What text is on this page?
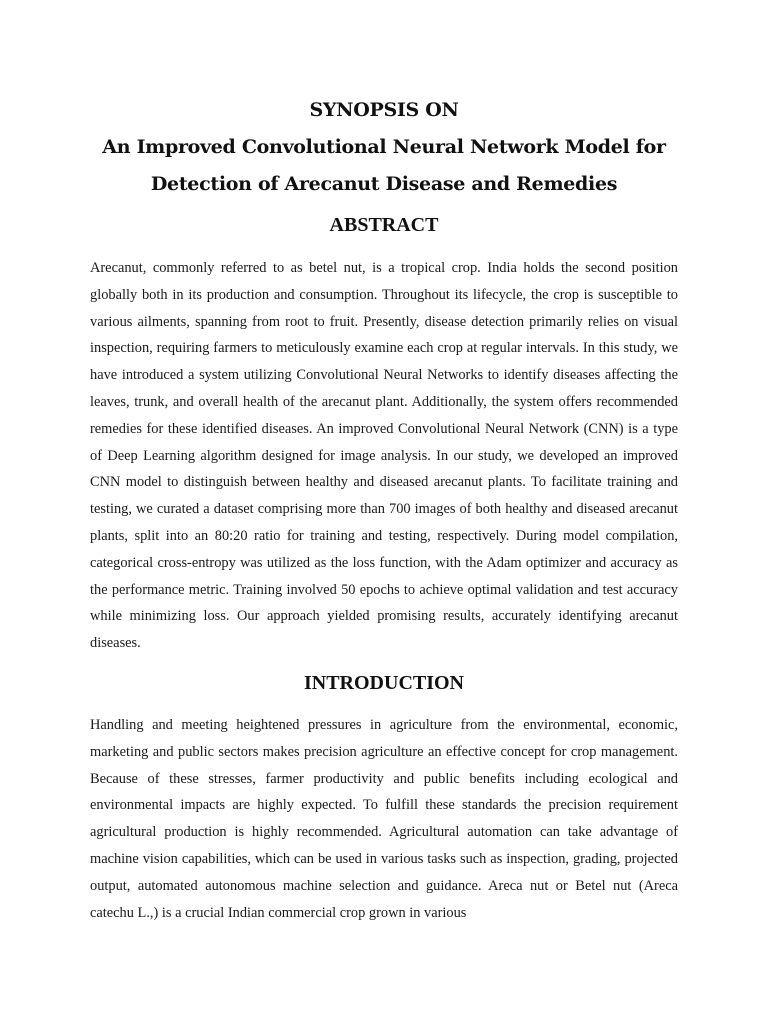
SYNOPSIS ON
An Improved Convolutional Neural Network Model for
Detection of Arecanut Disease and Remedies
ABSTRACT

Arecanut, commonly referred to as betel nut, is a tropical crop. India holds the second position globally both in its production and consumption. Throughout its lifecycle, the crop is susceptible to various ailments, spanning from root to fruit. Presently, disease detection primarily relies on visual inspection, requiring farmers to meticulously examine each crop at regular intervals. In this study, we have introduced a system utilizing Convolutional Neural Networks to identify diseases affecting the leaves, trunk, and overall health of the arecanut plant. Additionally, the system offers recommended remedies for these identified diseases. An improved Convolutional Neural Network (CNN) is a type of Deep Learning algorithm designed for image analysis. In our study, we developed an improved CNN model to distinguish between healthy and diseased arecanut plants. To facilitate training and testing, we curated a dataset comprising more than 700 images of both healthy and diseased arecanut plants, split into an 80:20 ratio for training and testing, respectively. During model compilation, categorical cross-entropy was utilized as the loss function, with the Adam optimizer and accuracy as the performance metric. Training involved 50 epochs to achieve optimal validation and test accuracy while minimizing loss. Our approach yielded promising results, accurately identifying arecanut diseases.

INTRODUCTION

Handling and meeting heightened pressures in agriculture from the environmental, economic, marketing and public sectors makes precision agriculture an effective concept for crop management. Because of these stresses, farmer productivity and public benefits including ecological and environmental impacts are highly expected. To fulfill these standards the precision requirement agricultural production is highly recommended. Agricultural automation can take advantage of machine vision capabilities, which can be used in various tasks such as inspection, grading, projected output, automated autonomous machine selection and guidance. Areca nut or Betel nut (Areca catechu L.,) is a crucial Indian commercial crop grown in various
